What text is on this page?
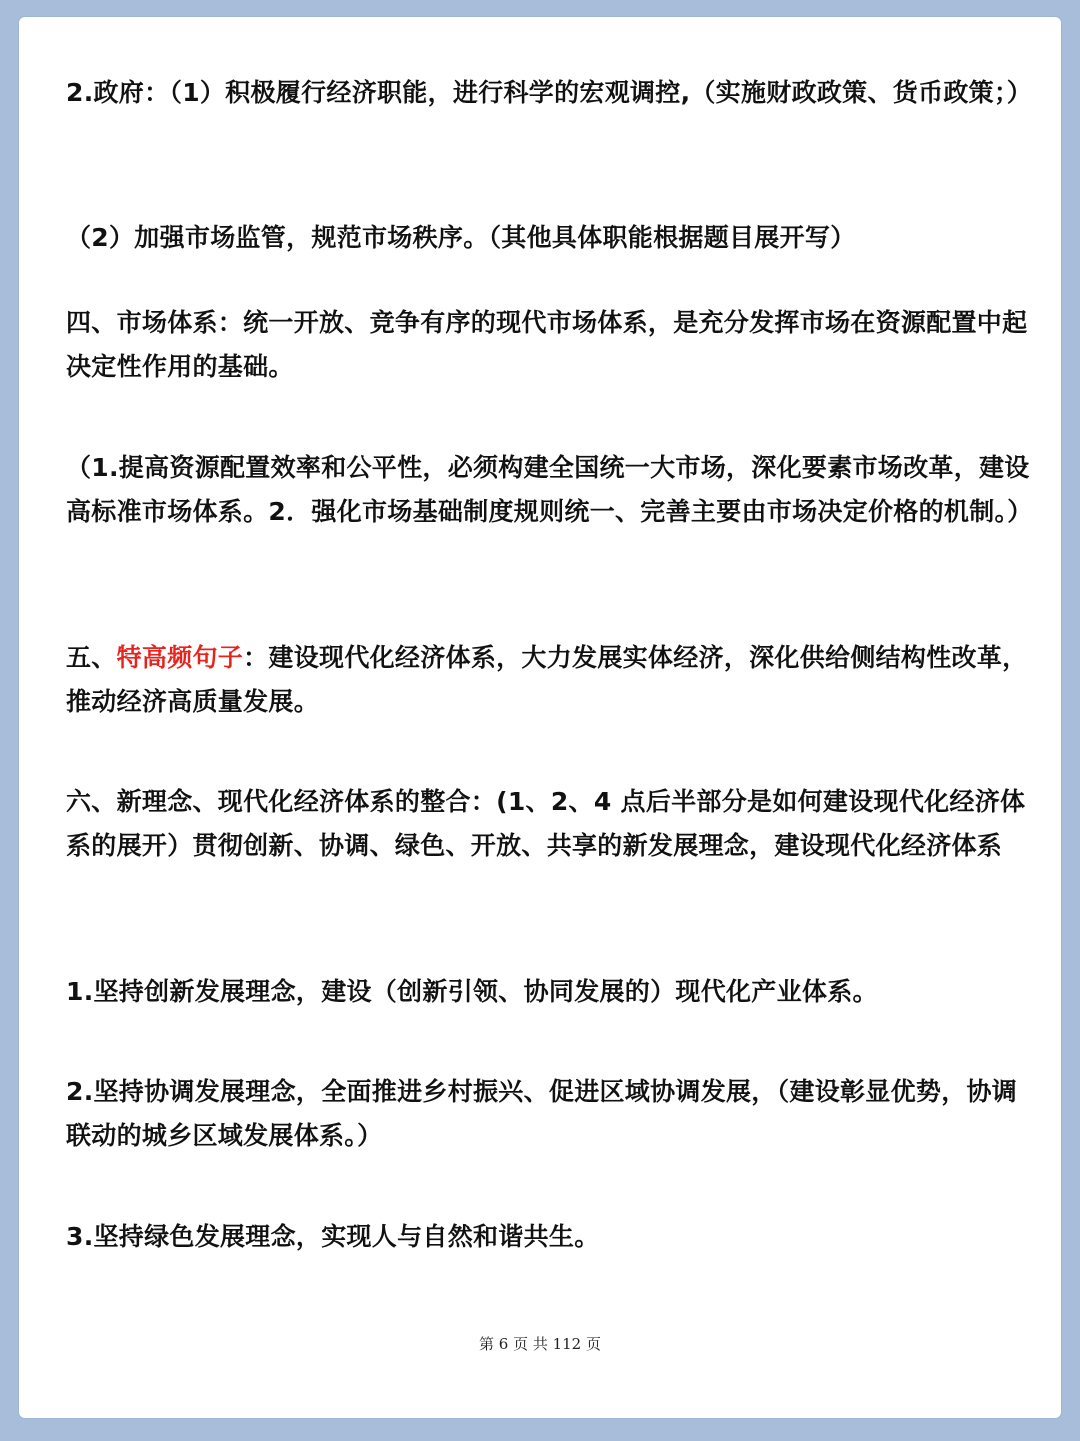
2.政府：（1）积极履行经济职能，进行科学的宏观调控,（实施财政政策、货币政策；）

（2）加强市场监管，规范市场秩序。（其他具体职能根据题目展开写）

四、市场体系：统一开放、竞争有序的现代市场体系，是充分发挥市场在资源配置中起决定性作用的基础。

（1.提高资源配置效率和公平性，必须构建全国统一大市场，深化要素市场改革，建设高标准市场体系。2．强化市场基础制度规则统一、完善主要由市场决定价格的机制。）

五、特高频句子：建设现代化经济体系，大力发展实体经济，深化供给侧结构性改革，推动经济高质量发展。

六、新理念、现代化经济体系的整合：(1、2、4 点后半部分是如何建设现代化经济体系的展开）贯彻创新、协调、绿色、开放、共享的新发展理念，建设现代化经济体系

1.坚持创新发展理念，建设（创新引领、协同发展的）现代化产业体系。

2.坚持协调发展理念，全面推进乡村振兴、促进区域协调发展，（建设彰显优势，协调联动的城乡区域发展体系。）

3.坚持绿色发展理念，实现人与自然和谐共生。

第 6 页 共 112 页
